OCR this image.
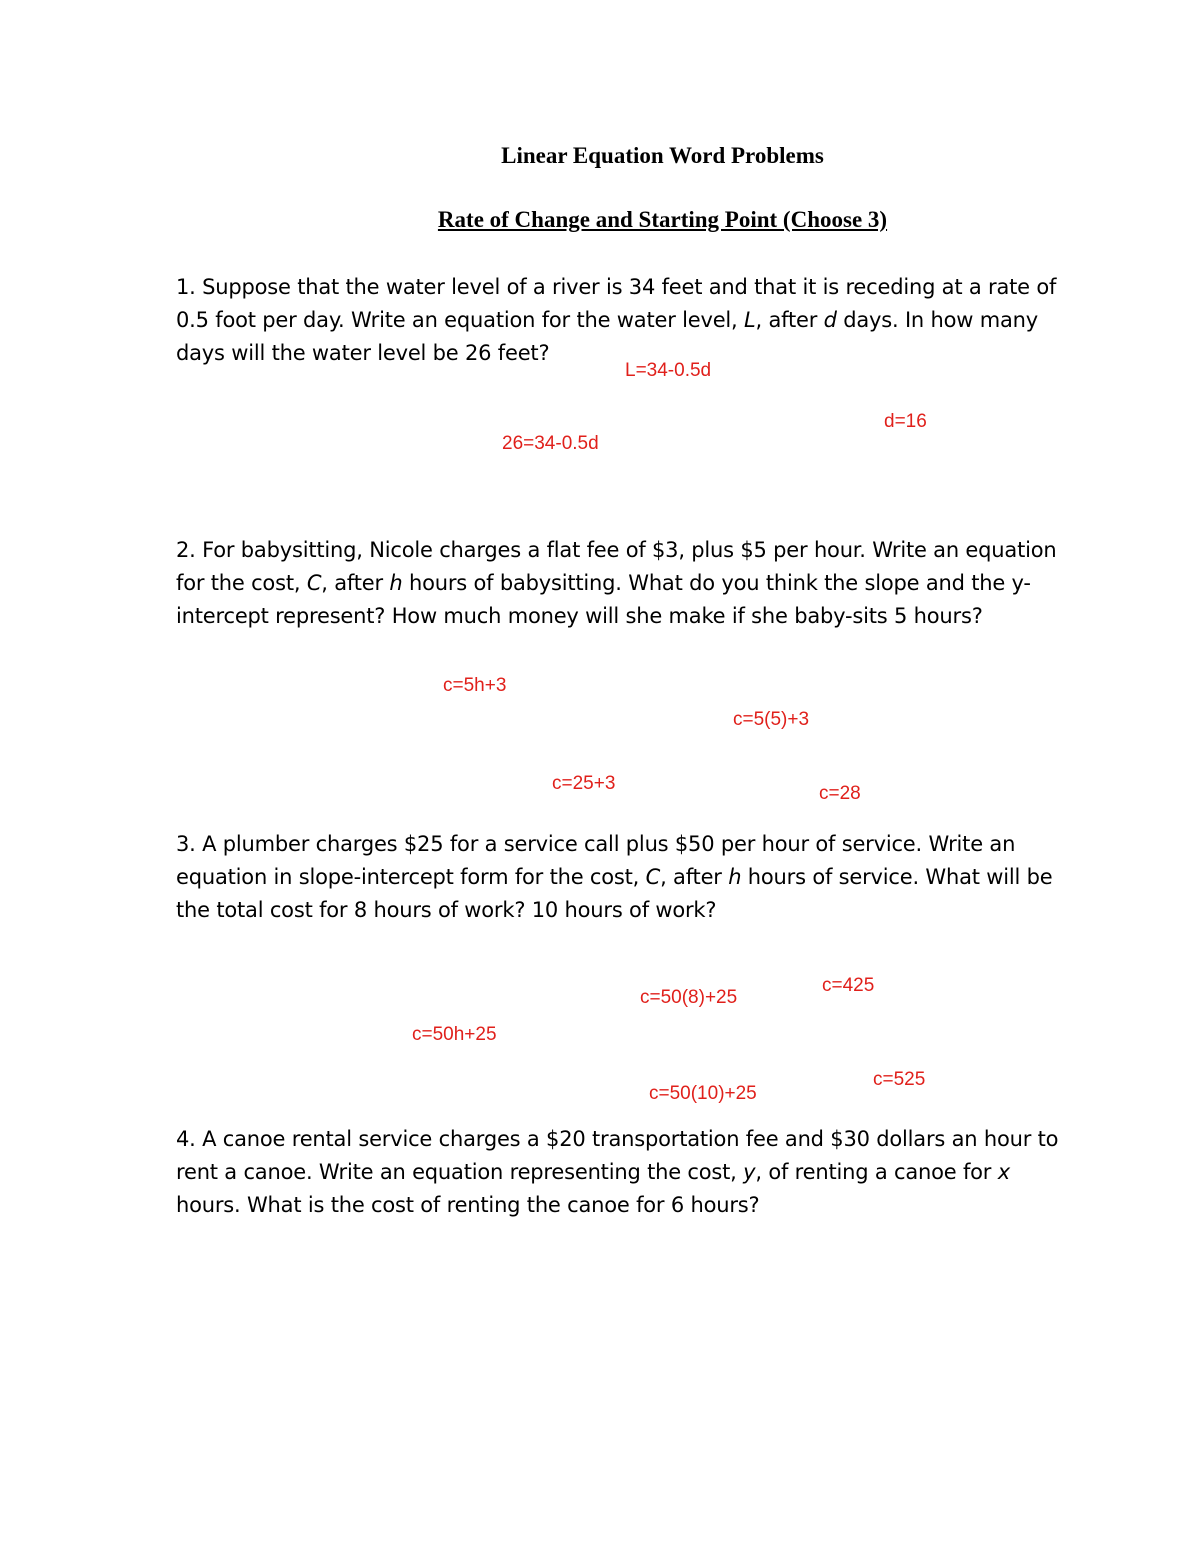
Linear Equation Word Problems
Rate of Change and Starting Point (Choose 3)
1. Suppose that the water level of a river is 34 feet and that it is receding at a rate of
0.5 foot per day. Write an equation for the water level, L, after d days. In how many
days will the water level be 26 feet?
L=34-0.5d
d=16
26=34-0.5d
2. For babysitting, Nicole charges a flat fee of $3, plus $5 per hour. Write an equation
for the cost, C, after h hours of babysitting. What do you think the slope and the y-
intercept represent? How much money will she make if she baby-sits 5 hours?
c=5h+3
c=5(5)+3
c=25+3	c=28
3. A plumber charges $25 for a service call plus $50 per hour of service. Write an
equation in slope-intercept form for the cost, C, after h hours of service. What will be
the total cost for 8 hours of work? 10 hours of work?
c=425
c=50(8)+25
c=50h+25
c=525
c=50(10)+25
4. A canoe rental service charges a $20 transportation fee and $30 dollars an hour to
rent a canoe. Write an equation representing the cost, y, of renting a canoe for x
hours. What is the cost of renting the canoe for 6 hours?
